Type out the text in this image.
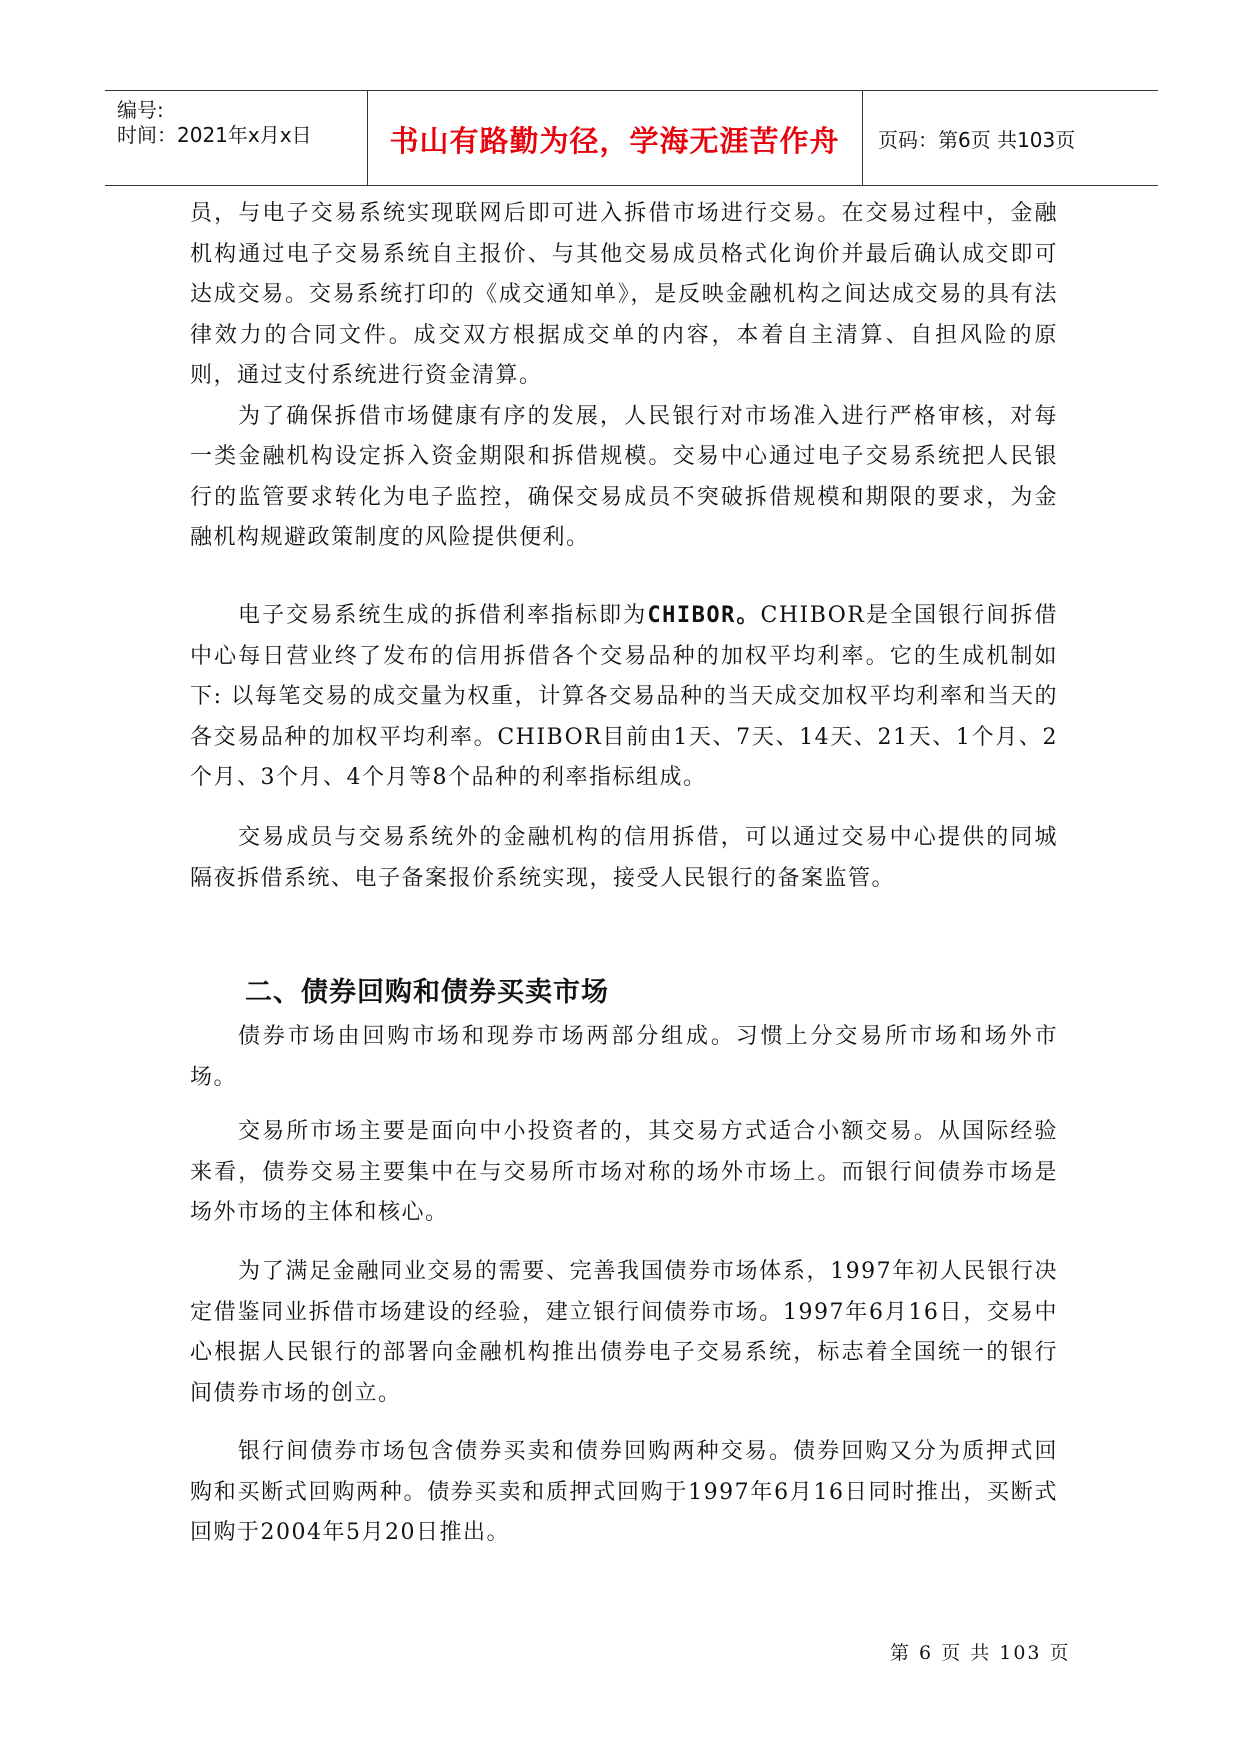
编号:
时间：2021年x月x日	书山有路勤为径，学海无涯苦作舟	页码：第6页 共103页

员，与电子交易系统实现联网后即可进入拆借市场进行交易。在交易过程中，金融机构通过电子交易系统自主报价、与其他交易成员格式化询价并最后确认成交即可达成交易。交易系统打印的《成交通知单》，是反映金融机构之间达成交易的具有法律效力的合同文件。成交双方根据成交单的内容，本着自主清算、自担风险的原则，通过支付系统进行资金清算。

为了确保拆借市场健康有序的发展，人民银行对市场准入进行严格审核，对每一类金融机构设定拆入资金期限和拆借规模。交易中心通过电子交易系统把人民银行的监管要求转化为电子监控，确保交易成员不突破拆借规模和期限的要求，为金融机构规避政策制度的风险提供便利。

电子交易系统生成的拆借利率指标即为CHIBOR。CHIBOR是全国银行间拆借中心每日营业终了发布的信用拆借各个交易品种的加权平均利率。它的生成机制如下: 以每笔交易的成交量为权重，计算各交易品种的当天成交加权平均利率和当天的各交易品种的加权平均利率。CHIBOR目前由1天、7天、14天、21天、1个月、2个月、3个月、4个月等8个品种的利率指标组成。

交易成员与交易系统外的金融机构的信用拆借，可以通过交易中心提供的同城隔夜拆借系统、电子备案报价系统实现，接受人民银行的备案监管。

二、债券回购和债券买卖市场

债券市场由回购市场和现券市场两部分组成。习惯上分交易所市场和场外市场。

交易所市场主要是面向中小投资者的，其交易方式适合小额交易。从国际经验来看，债券交易主要集中在与交易所市场对称的场外市场上。而银行间债券市场是场外市场的主体和核心。

为了满足金融同业交易的需要、完善我国债券市场体系，1997年初人民银行决定借鉴同业拆借市场建设的经验，建立银行间债券市场。1997年6月16日，交易中心根据人民银行的部署向金融机构推出债券电子交易系统，标志着全国统一的银行间债券市场的创立。

银行间债券市场包含债券买卖和债券回购两种交易。债券回购又分为质押式回购和买断式回购两种。债券买卖和质押式回购于1997年6月16日同时推出，买断式回购于2004年5月20日推出。

第 6 页 共 103 页
